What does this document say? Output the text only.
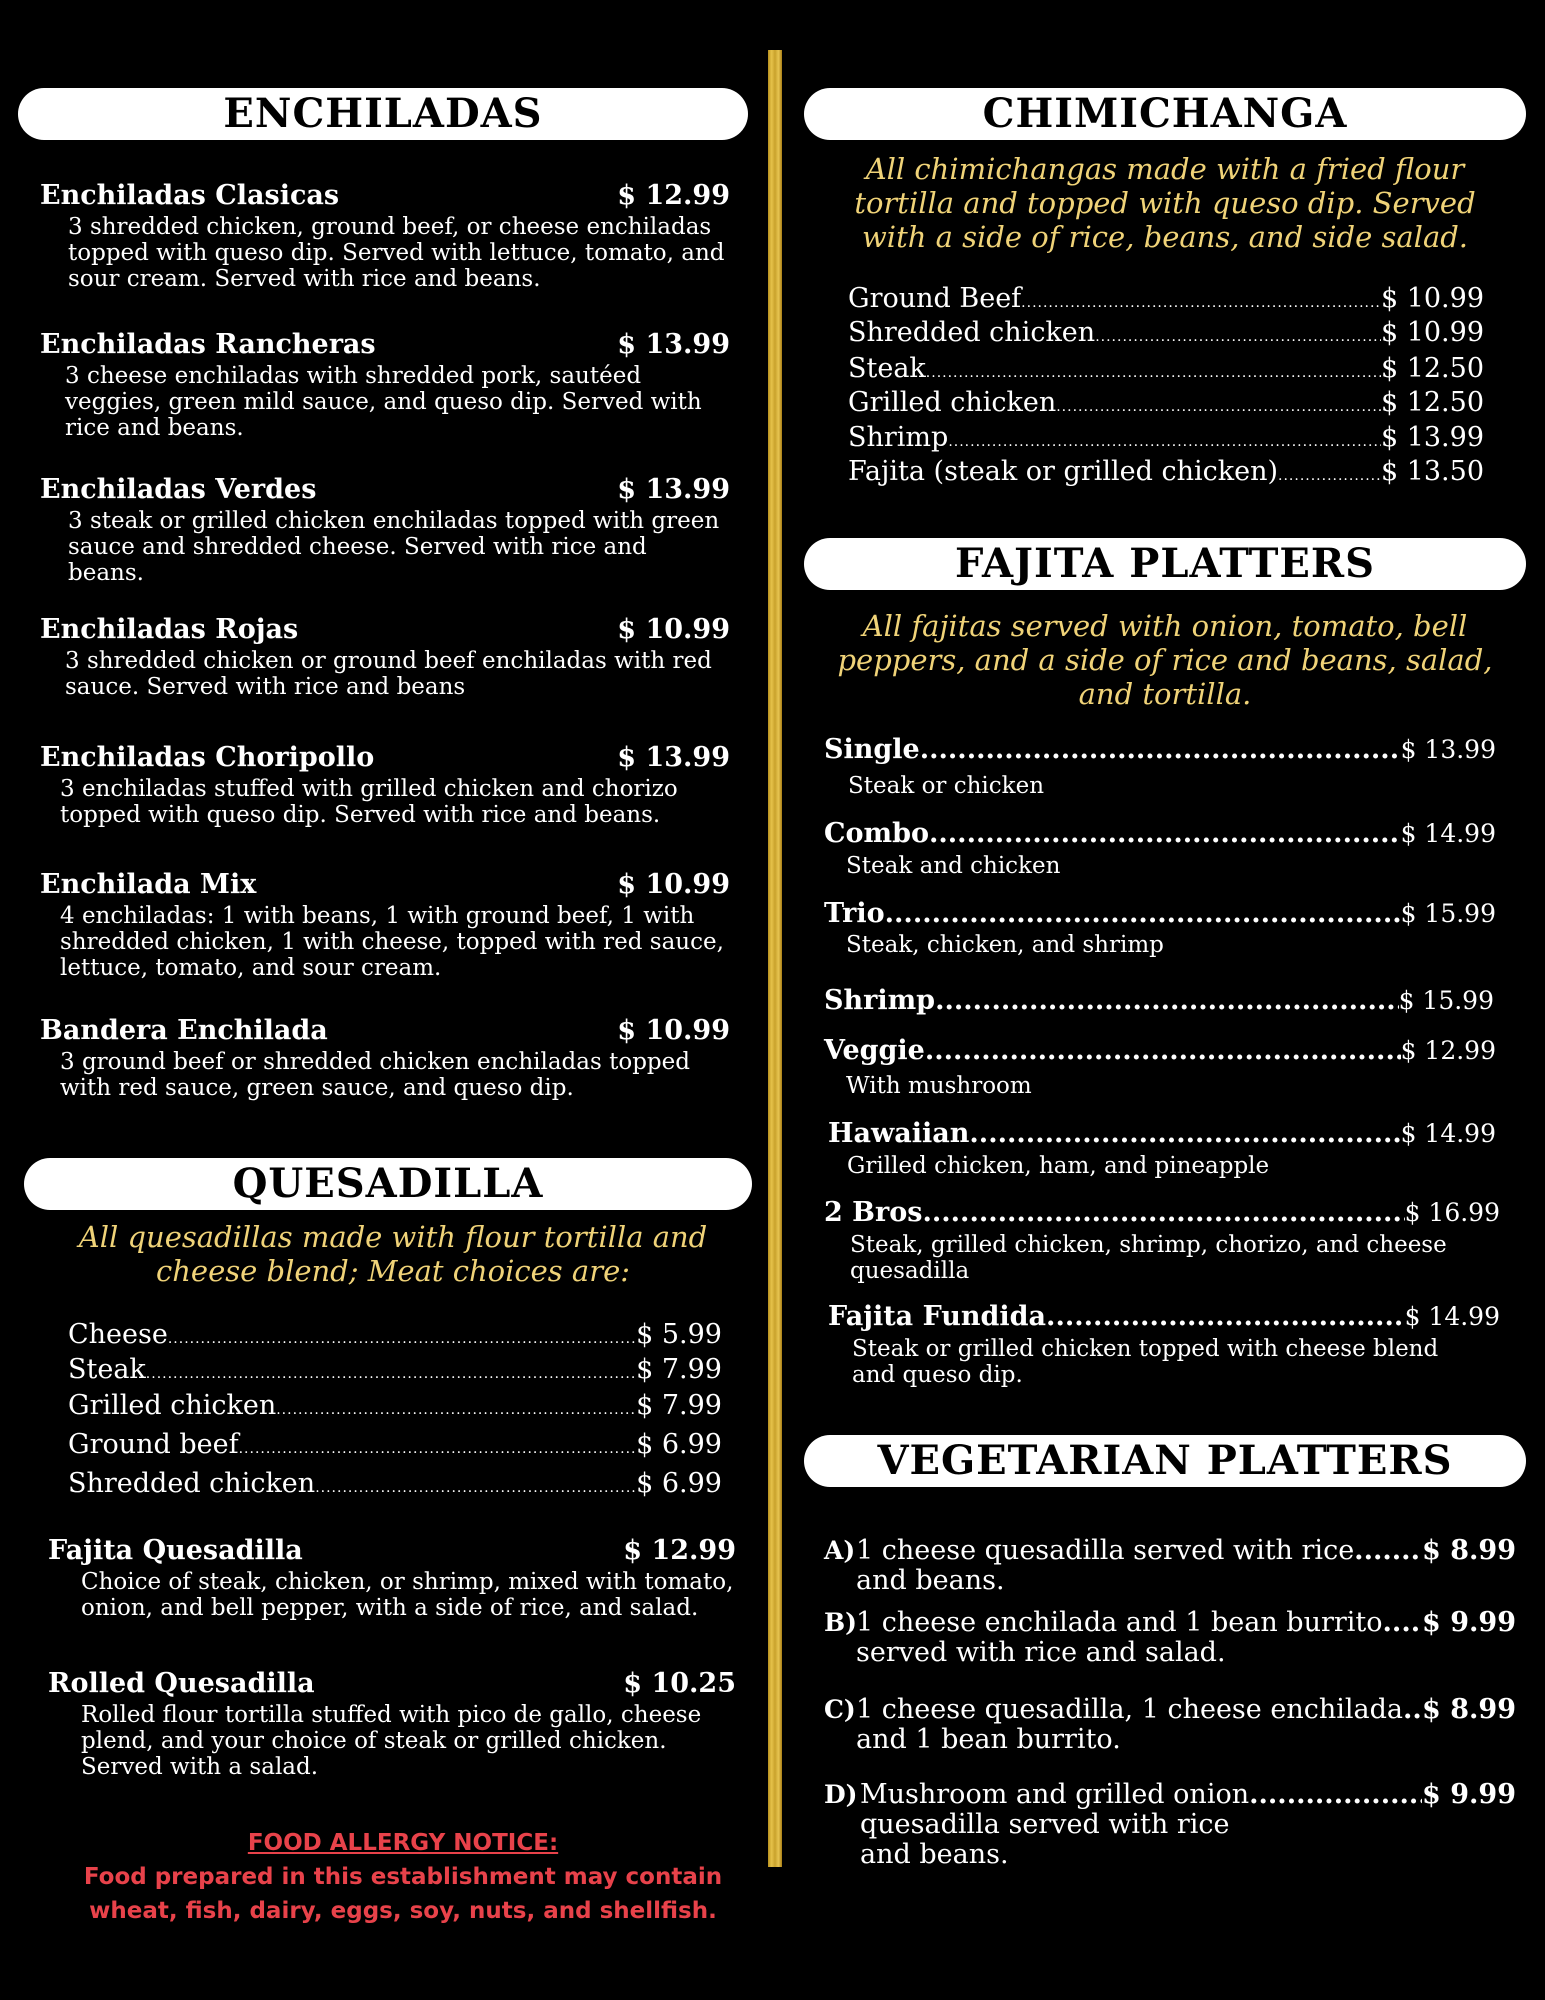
ENCHILADAS
Enchiladas Clasicas	$ 12.99
3 shredded chicken, ground beef, or cheese enchiladas topped with queso dip. Served with lettuce, tomato, and sour cream. Served with rice and beans.
Enchiladas Rancheras	$ 13.99
3 cheese enchiladas with shredded pork, sautéed veggies, green mild sauce, and queso dip. Served with rice and beans.
Enchiladas Verdes	$ 13.99
3 steak or grilled chicken enchiladas topped with green sauce and shredded cheese. Served with rice and beans.
Enchiladas Rojas	$ 10.99
3 shredded chicken or ground beef enchiladas with red sauce. Served with rice and beans
Enchiladas Choripollo	$ 13.99
3 enchiladas stuffed with grilled chicken and chorizo topped with queso dip. Served with rice and beans.
Enchilada Mix	$ 10.99
4 enchiladas: 1 with beans, 1 with ground beef, 1 with shredded chicken, 1 with cheese, topped with red sauce, lettuce, tomato, and sour cream.
Bandera Enchilada	$ 10.99
3 ground beef or shredded chicken enchiladas topped with red sauce, green sauce, and queso dip.
QUESADILLA
All quesadillas made with flour tortilla and cheese blend; Meat choices are:
Cheese .....	$ 5.99
Steak .....	$ 7.99
Grilled chicken .....	$ 7.99
Ground beef .....	$ 6.99
Shredded chicken .....	$ 6.99
Fajita Quesadilla	$ 12.99
Choice of steak, chicken, or shrimp, mixed with tomato, onion, and bell pepper, with a side of rice, and salad.
Rolled Quesadilla	$ 10.25
Rolled flour tortilla stuffed with pico de gallo, cheese plend, and your choice of steak or grilled chicken. Served with a salad.
FOOD ALLERGY NOTICE:
Food prepared in this establishment may contain
wheat, fish, dairy, eggs, soy, nuts, and shellfish.
CHIMICHANGA
All chimichangas made with a fried flour tortilla and topped with queso dip. Served with a side of rice, beans, and side salad.
Ground Beef .....	$ 10.99
Shredded chicken .....	$ 10.99
Steak .....	$ 12.50
Grilled chicken .....	$ 12.50
Shrimp .....	$ 13.99
Fajita (steak or grilled chicken) .....	$ 13.50
FAJITA PLATTERS
All fajitas served with onion, tomato, bell peppers, and a side of rice and beans, salad, and tortilla.
Single .....	$ 13.99
Steak or chicken
Combo .....	$ 14.99
Steak and chicken
Trio .....	$ 15.99
Steak, chicken, and shrimp
Shrimp .....	$ 15.99
Veggie .....	$ 12.99
With mushroom
Hawaiian .....	$ 14.99
Grilled chicken, ham, and pineapple
2 Bros .....	$ 16.99
Steak, grilled chicken, shrimp, chorizo, and cheese quesadilla
Fajita Fundida .....	$ 14.99
Steak or grilled chicken topped with cheese blend and queso dip.
VEGETARIAN PLATTERS
A) 1 cheese quesadilla served with rice .....	$ 8.99
and beans.
B) 1 cheese enchilada and 1 bean burrito ..... $ 9.99
served with rice and salad.
C) 1 cheese quesadilla, 1 cheese enchilada ..... $ 8.99
and 1 bean burrito.
D) Mushroom and grilled onion .....	$ 9.99
quesadilla served with rice and beans.
